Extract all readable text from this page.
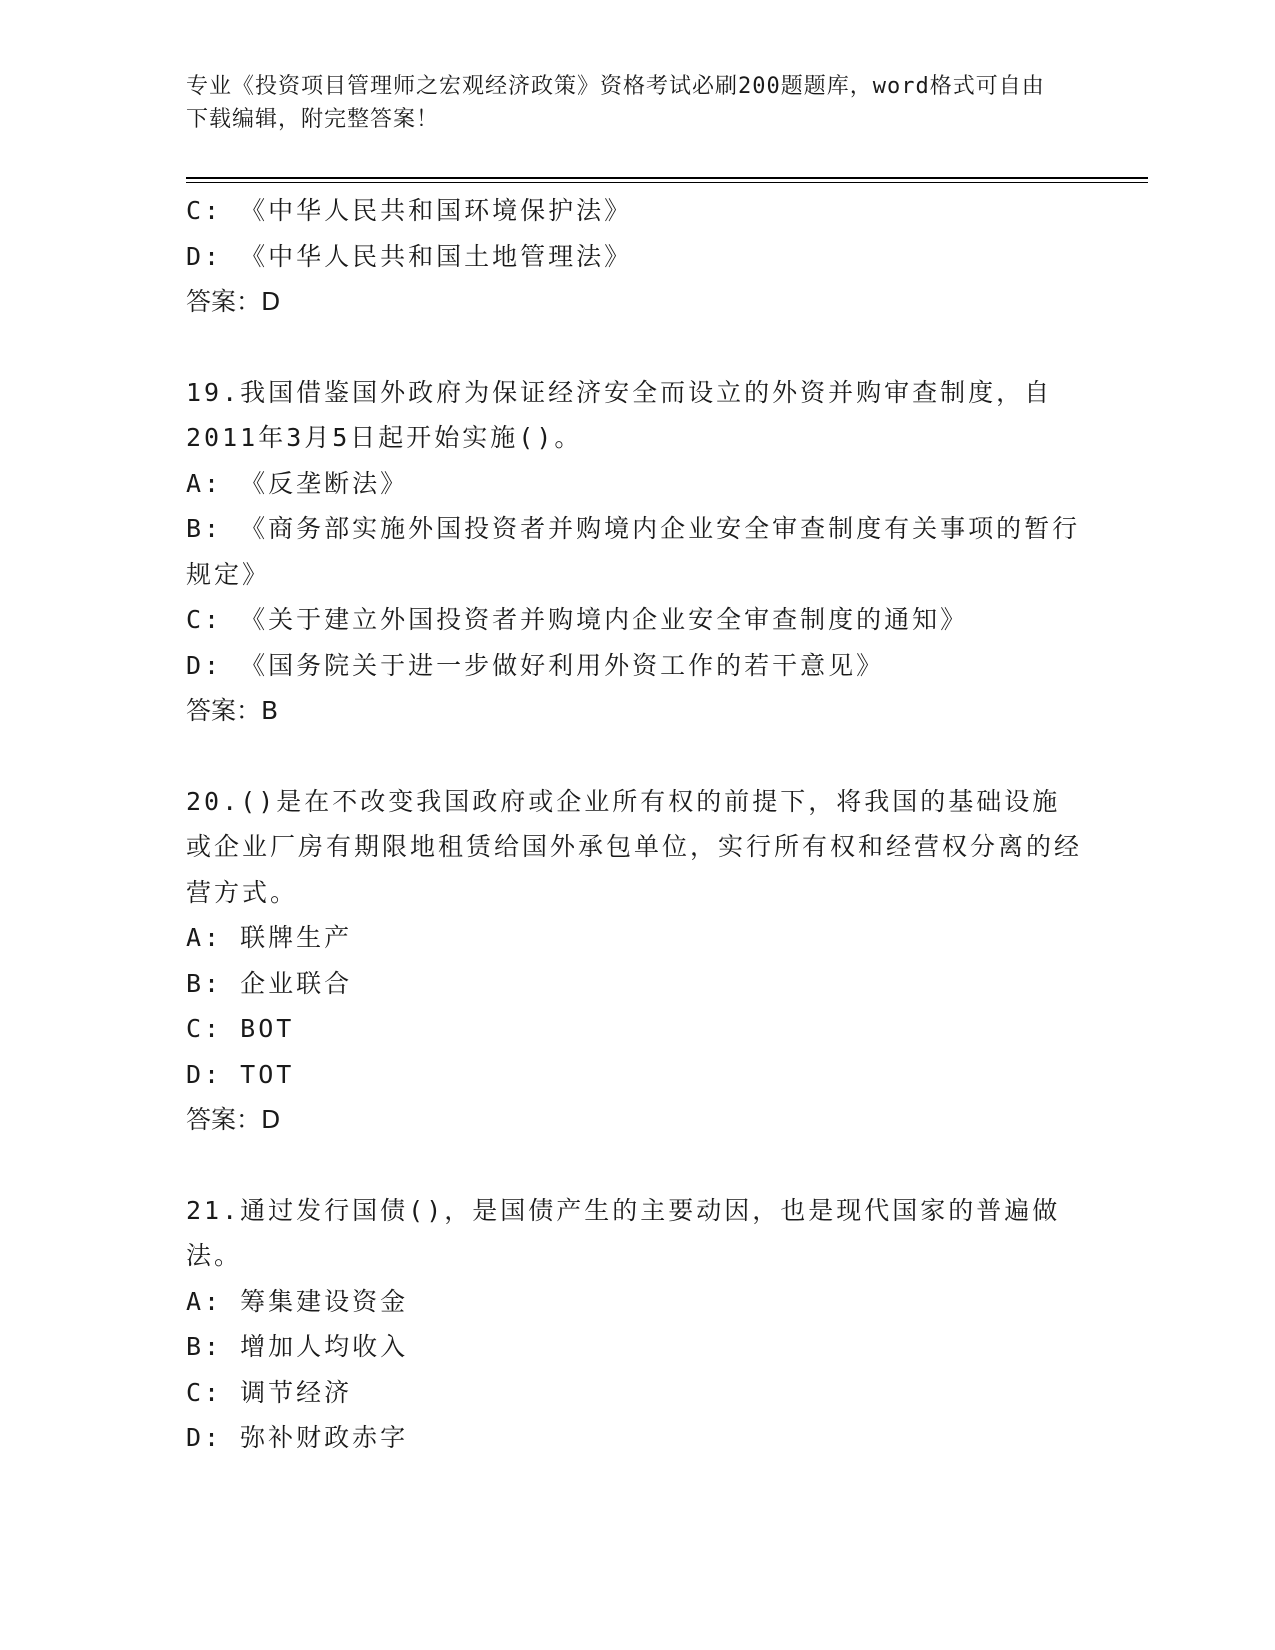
专业《投资项目管理师之宏观经济政策》资格考试必刷200题题库，word格式可自由下载编辑，附完整答案！
C: 《中华人民共和国环境保护法》
D: 《中华人民共和国土地管理法》
答案：D
19.我国借鉴国外政府为保证经济安全而设立的外资并购审查制度，自2011年3月5日起开始实施()。
A: 《反垄断法》
B: 《商务部实施外国投资者并购境内企业安全审查制度有关事项的暂行规定》
C: 《关于建立外国投资者并购境内企业安全审查制度的通知》
D: 《国务院关于进一步做好利用外资工作的若干意见》
答案：B
20.()是在不改变我国政府或企业所有权的前提下，将我国的基础设施或企业厂房有期限地租赁给国外承包单位，实行所有权和经营权分离的经营方式。
A: 联牌生产
B: 企业联合
C: BOT
D: TOT
答案：D
21.通过发行国债()，是国债产生的主要动因，也是现代国家的普遍做法。
A: 筹集建设资金
B: 增加人均收入
C: 调节经济
D: 弥补财政赤字
